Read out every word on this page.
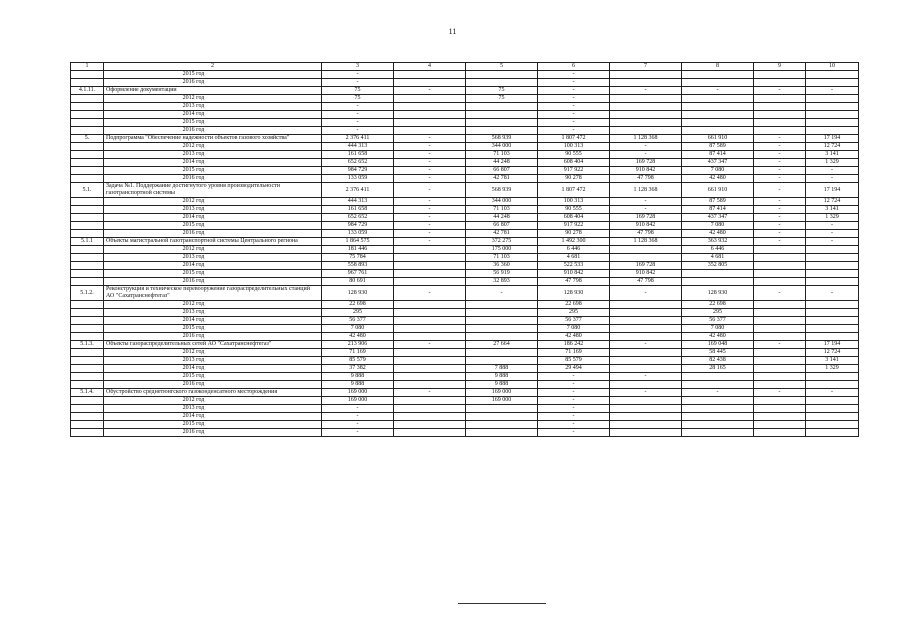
11
1	2	3	4	5	6	7	8	9	10
	2015 год	-			-				
	2016 год	-			-				
4.1.11.	Оформление документации	75	-	75	-	-	-	-	-
	2012 год	75		75	-				
	2013 год	-			-				
	2014 год	-			-				
	2015 год	-			-				
	2016 год	-			-				
5.	Подпрограмма "Обеспечение надежности объектов газового хозяйства"	2 376 411	-	568 939	1 807 472	1 128 368	661 910	-	17 194
	2012 год	444 313	-	344 000	100 313	-	87 589	-	12 724
	2013 год	161 658	-	71 103	90 555	-	87 414	-	3 141
	2014 год	652 652	-	44 248	608 404	169 728	437 347	-	1 329
	2015 год	984 729	-	66 807	917 922	910 842	7 080	-	-
	2016 год	133 059	-	42 781	90 278	47 798	42 480	-	-
5.1.	Задача №1. Поддержание достигнутого уровня производительности газотранспортной системы	2 376 411	-	568 939	1 807 472	1 128 368	661 910	-	17 194
	2012 год	444 313	-	344 000	100 313	-	87 589	-	12 724
	2013 год	161 658	-	71 103	90 555	-	87 414	-	3 141
	2014 год	652 652	-	44 248	608 404	169 728	437 347	-	1 329
	2015 год	984 729	-	66 807	917 922	910 842	7 080	-	-
	2016 год	133 059	-	42 781	90 278	47 798	42 480	-	-
5.1.1	Объекты магистральной газотранспортной системы Центрального региона	1 864 575	-	372 275	1 492 300	1 128 368	363 932	-	-
	2012 год	181 446		175 000	6 446		6 446		
	2013 год	75 784		71 103	4 681		4 681		
	2014 год	558 893		36 360	522 533	169 728	352 805		
	2015 год	967 761		56 919	910 842	910 842			
	2016 год	80 691		32 893	47 798	47 798			
5.1.2.	Реконструкция и техническое перевооружение газораспределительных станций АО "Сахатранснефтегаз"	128 930	-	-	128 930	-	128 930	-	-
	2012 год	22 698			22 698		22 698		
	2013 год	295			295		295		
	2014 год	56 377			56 377		56 377		
	2015 год	7 080			7 080		7 080		
	2016 год	42 480			42 480		42 480		
5.1.3.	Объекты газораспределительных сетей АО "Сахатранснефтегаз"	213 906	-	27 664	186 242	-	169 048	-	17 194
	2012 год	71 169			71 169		58 445		12 724
	2013 год	85 579			85 579		82 438		3 141
	2014 год	37 382		7 888	29 494		28 165		1 329
	2015 год	9 888		9 888	-	-			
	2016 год	9 888		9 888	-				
5.1.4.	Обустройство среднетюнгского газоконденсатного месторождения	169 000	-	169 000	-	-	-	-	-
	2012 год	169 000		169 000	-				
	2013 год	-			-				
	2014 год	-			-				
	2015 год	-			-				
	2016 год	-			-				
